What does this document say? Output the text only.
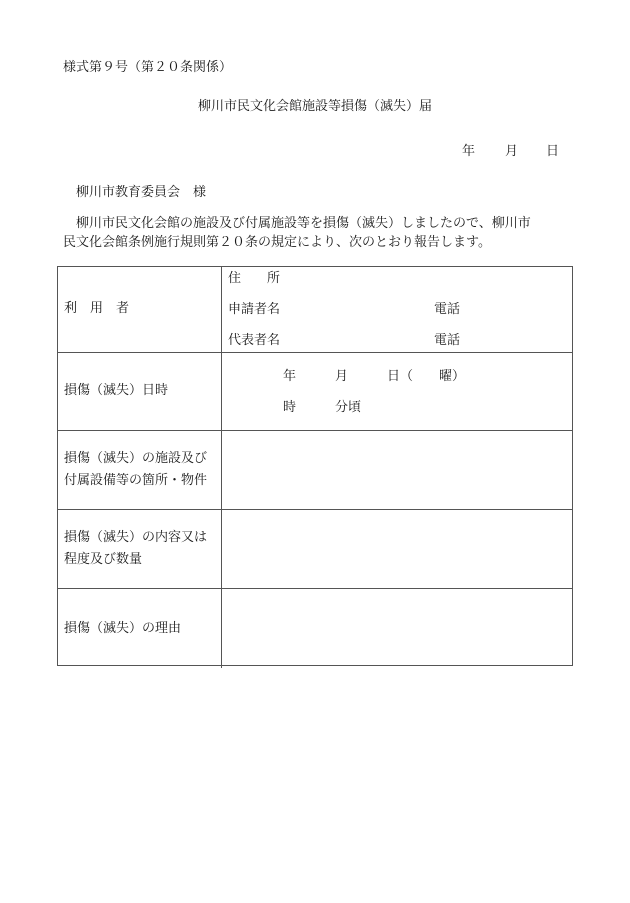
様式第９号（第２０条関係）
柳川市民文化会館施設等損傷（滅失）届
年 月 日
柳川市教育委員会　様
柳川市民文化会館の施設及び付属施設等を損傷（滅失）しましたので、柳川市
民文化会館条例施行規則第２０条の規定により、次のとおり報告します。
利　用　者
住　　所
申請者名	電話
代表者名	電話
損傷（滅失）日時
年　　　月　　　日（　　曜）
時　　　分頃
損傷（滅失）の施設及び
付属設備等の箇所・物件
損傷（滅失）の内容又は
程度及び数量
損傷（滅失）の理由
